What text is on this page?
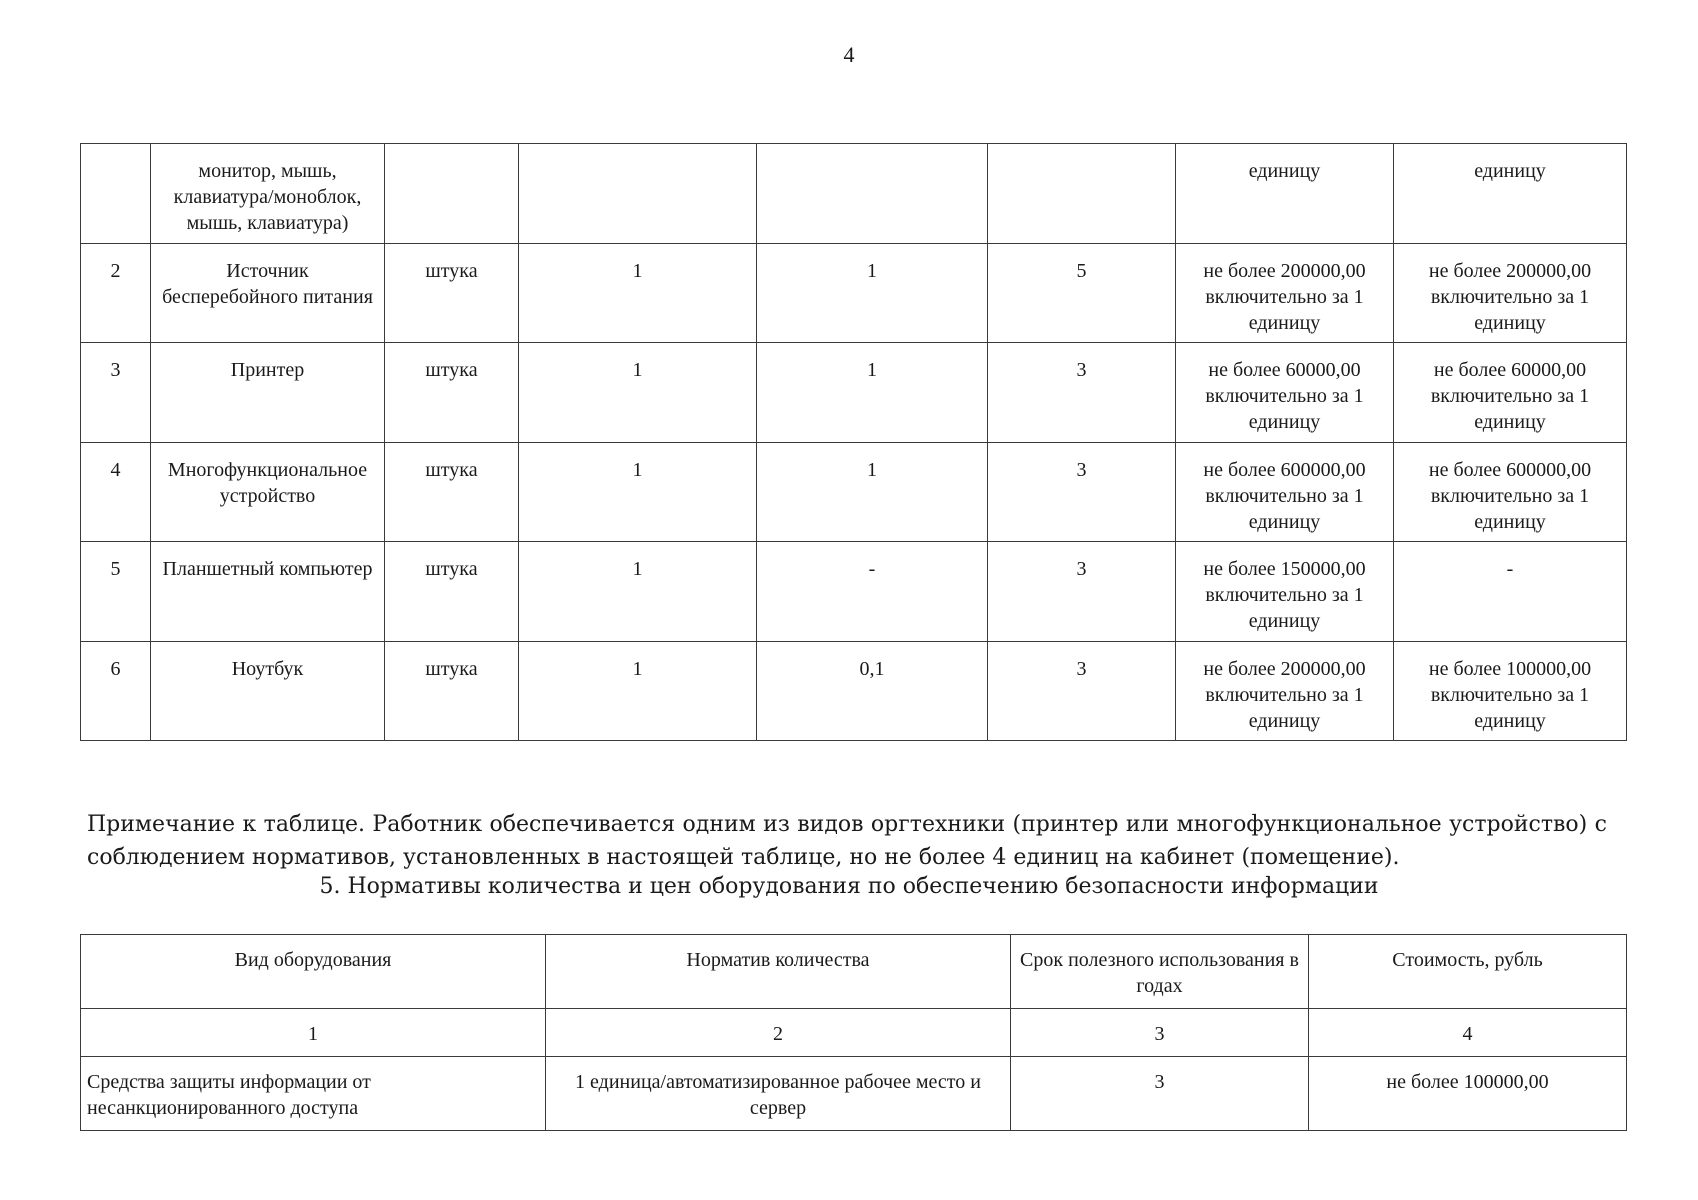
4
	монитор, мышь, клавиатура/моноблок, мышь, клавиатура)					единицу	единицу
2	Источник бесперебойного питания	штука	1	1	5	не более 200000,00 включительно за 1 единицу	не более 200000,00 включительно за 1 единицу
3	Принтер	штука	1	1	3	не более 60000,00 включительно за 1 единицу	не более 60000,00 включительно за 1 единицу
4	Многофункциональное устройство	штука	1	1	3	не более 600000,00 включительно за 1 единицу	не более 600000,00 включительно за 1 единицу
5	Планшетный компьютер	штука	1	-	3	не более 150000,00 включительно за 1 единицу	-
6	Ноутбук	штука	1	0,1	3	не более 200000,00 включительно за 1 единицу	не более 100000,00 включительно за 1 единицу

Примечание к таблице. Работник обеспечивается одним из видов оргтехники (принтер или многофункциональное устройство) с соблюдением нормативов, установленных в настоящей таблице, но не более 4 единиц на кабинет (помещение).

5. Нормативы количества и цен оборудования по обеспечению безопасности информации
Вид оборудования	Норматив количества	Срок полезного использования в годах	Стоимость, рубль
1	2	3	4
Средства защиты информации от несанкционированного доступа	1 единица/автоматизированное рабочее место и сервер	3	не более 100000,00
